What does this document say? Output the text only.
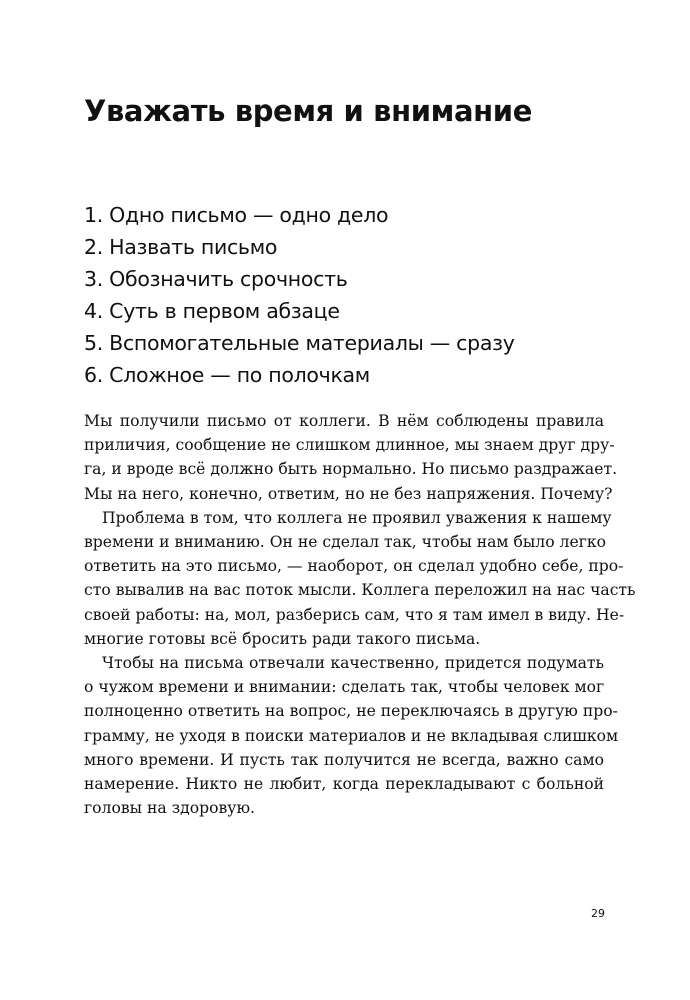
Уважать время и внимание
1. Одно письмо — одно дело
2. Назвать письмо
3. Обозначить срочность
4. Суть в первом абзаце
5. Вспомогательные материалы — сразу
6. Сложное — по полочкам
Мы получили письмо от коллеги. В нём соблюдены правила
приличия, сообщение не слишком длинное, мы знаем друг дру-
га, и вроде всё должно быть нормально. Но письмо раздражает.
Мы на него, конечно, ответим, но не без напряжения. Почему?
Проблема в том, что коллега не проявил уважения к нашему
времени и вниманию. Он не сделал так, чтобы нам было легко
ответить на это письмо, — наоборот, он сделал удобно себе, про-
сто вывалив на вас поток мысли. Коллега переложил на нас часть
своей работы: на, мол, разберись сам, что я там имел в виду. Не-
многие готовы всё бросить ради такого письма.
Чтобы на письма отвечали качественно, придется подумать
о чужом времени и внимании: сделать так, чтобы человек мог
полноценно ответить на вопрос, не переключаясь в другую про-
грамму, не уходя в поиски материалов и не вкладывая слишком
много времени. И пусть так получится не всегда, важно само
намерение. Никто не любит, когда перекладывают с больной
головы на здоровую.
29
